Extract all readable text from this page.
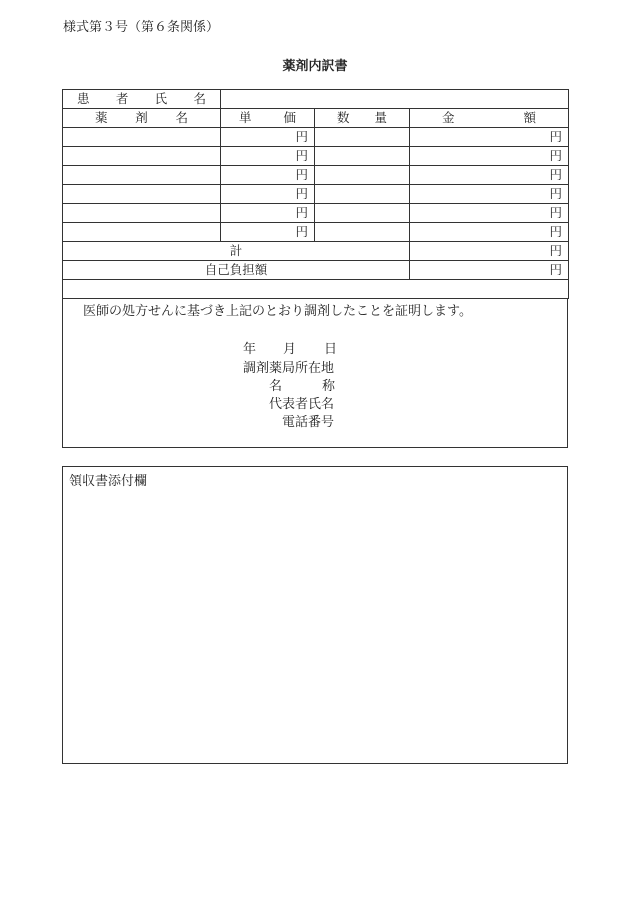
様式第３号（第６条関係）
薬剤内訳書
患 者 氏 名			

薬 剤 名	単 価	数 量	金 額

	円		円
	円		円
	円		円
	円		円
	円		円
	円		円
計			円
自己負担額			円

医師の処方せんに基づき上記のとおり調剤したことを証明します。
年 月 日
調剤薬局所在地
名	称
代表者氏名
電話番号
領収書添付欄
